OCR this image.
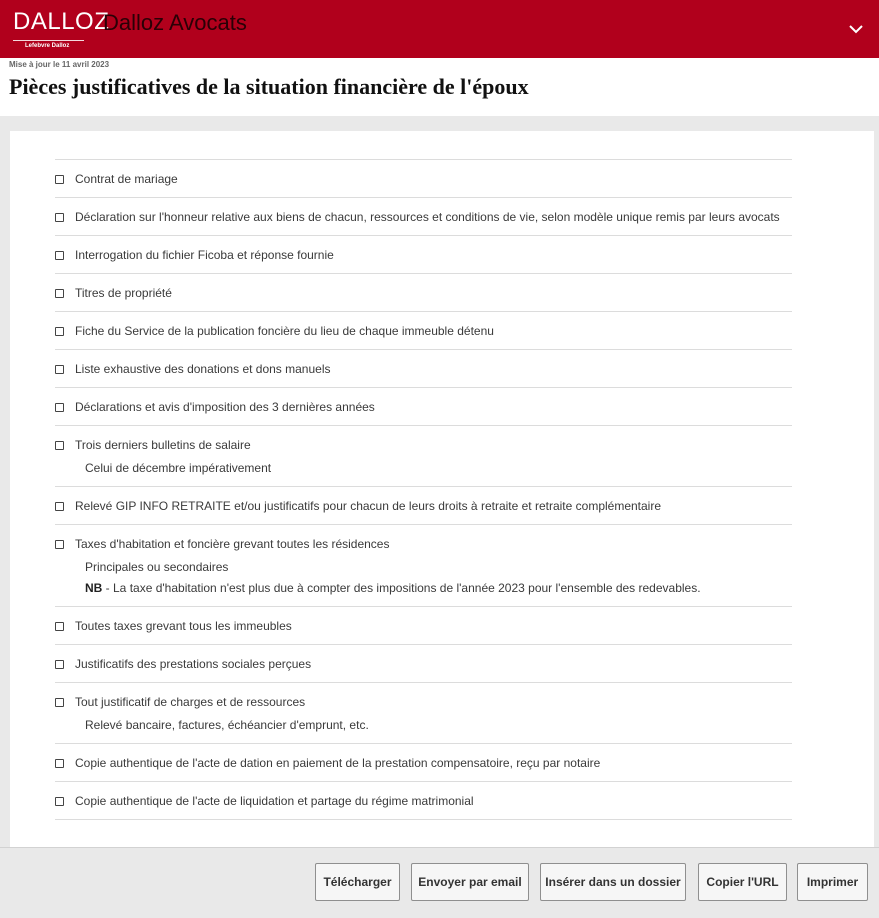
DALLOZ
Lefebvre Dalloz
Dalloz Avocats
Mise à jour le 11 avril 2023
Pièces justificatives de la situation financière de l'époux
Contrat de mariage
Déclaration sur l'honneur relative aux biens de chacun, ressources et conditions de vie, selon modèle unique remis par leurs avocats
Interrogation du fichier Ficoba et réponse fournie
Titres de propriété
Fiche du Service de la publication foncière du lieu de chaque immeuble détenu
Liste exhaustive des donations et dons manuels
Déclarations et avis d'imposition des 3 dernières années
Trois derniers bulletins de salaire
Celui de décembre impérativement
Relevé GIP INFO RETRAITE et/ou justificatifs pour chacun de leurs droits à retraite et retraite complémentaire
Taxes d'habitation et foncière grevant toutes les résidences
Principales ou secondaires
NB - La taxe d'habitation n'est plus due à compter des impositions de l'année 2023 pour l'ensemble des redevables.
Toutes taxes grevant tous les immeubles
Justificatifs des prestations sociales perçues
Tout justificatif de charges et de ressources
Relevé bancaire, factures, échéancier d'emprunt, etc.
Copie authentique de l'acte de dation en paiement de la prestation compensatoire, reçu par notaire
Copie authentique de l'acte de liquidation et partage du régime matrimonial
Télécharger	Envoyer par email	Insérer dans un dossier	Copier l'URL	Imprimer
